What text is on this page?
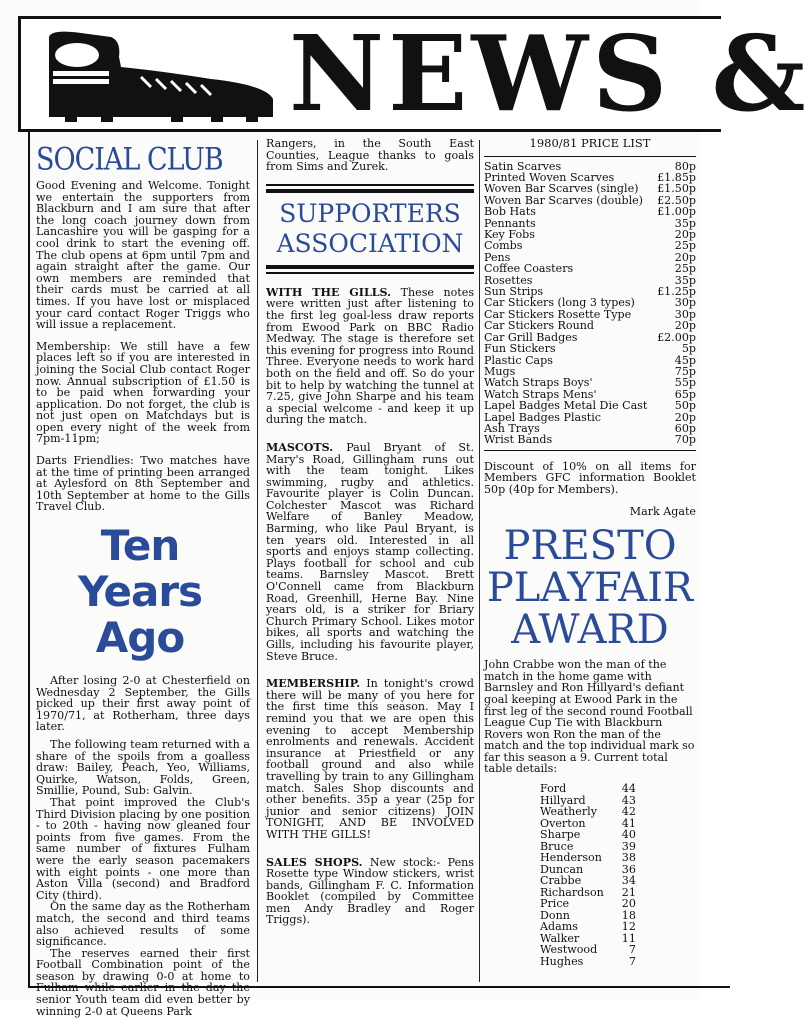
NEWS &
SOCIAL CLUB

Good Evening and Welcome. Tonight we entertain the supporters from Blackburn and I am sure that after the long coach journey down from Lancashire you will be gasping for a cool drink to start the evening off. The club opens at 6pm until 7pm and again straight after the game. Our own members are reminded that their cards must be carried at all times. If you have lost or misplaced your card contact Roger Triggs who will issue a replacement.

Membership: We still have a few places left so if you are interested in joining the Social Club contact Roger now. Annual subscription of £1.50 is to be paid when forwarding your application. Do not forget, the club is not just open on Matchdays but is open every night of the week from 7pm-11pm;

Darts Friendlies: Two matches have at the time of printing been arranged at Aylesford on 8th September and 10th September at home to the Gills Travel Club.

Ten Years Ago

After losing 2-0 at Chesterfield on Wednesday 2 September, the Gills picked up their first away point of 1970/71, at Rotherham, three days later.

The following team returned with a share of the spoils from a goalless draw: Bailey, Peach, Yeo, Williams, Quirke, Watson, Folds, Green, Smillie, Pound, Sub: Galvin.

That point improved the Club's Third Division placing by one position - to 20th - having now gleaned four points from five games. From the same number of fixtures Fulham were the early season pacemakers with eight points - one more than Aston Villa (second) and Bradford City (third).

On the same day as the Rotherham match, the second and third teams also achieved results of some significance.

The reserves earned their first Football Combination point of the season by drawing 0-0 at home to Fulham while earlier in the day the senior Youth team did even better by winning 2-0 at Queens Park

Rangers, in the South East Counties, League thanks to goals from Sims and Zurek.

SUPPORTERS ASSOCIATION

WITH THE GILLS. These notes were written just after listening to the first leg goal-less draw reports from Ewood Park on BBC Radio Medway. The stage is therefore set this evening for progress into Round Three. Everyone needs to work hard both on the field and off. So do your bit to help by watching the tunnel at 7.25, give John Sharpe and his team a special welcome - and keep it up during the match.

MASCOTS. Paul Bryant of St. Mary's Road, Gillingham runs out with the team tonight. Likes swimming, rugby and athletics. Favourite player is Colin Duncan. Colchester Mascot was Richard Welfare of Banley Meadow, Barming, who like Paul Bryant, is ten years old. Interested in all sports and enjoys stamp collecting. Plays football for school and cub teams. Barnsley Mascot. Brett O'Connell came from Blackburn Road, Greenhill, Herne Bay. Nine years old, is a striker for Briary Church Primary School. Likes motor bikes, all sports and watching the Gills, including his favourite player, Steve Bruce.

MEMBERSHIP. In tonight's crowd there will be many of you here for the first time this season. May I remind you that we are open this evening to accept Membership enrolments and renewals. Accident insurance at Priestfield or any football ground and also while travelling by train to any Gillingham match. Sales Shop discounts and other benefits. 35p a year (25p for junior and senior citizens) JOIN TONIGHT, AND BE INVOLVED WITH THE GILLS!

SALES SHOPS. New stock:- Pens Rosette type Window stickers, wrist bands, Gillingham F. C. Information Booklet (compiled by Committee men Andy Bradley and Roger Triggs).

1980/81 PRICE LIST
Satin Scarves	80p
Printed Woven Scarves	£1.85p
Woven Bar Scarves (single)	£1.50p
Woven Bar Scarves (double)	£2.50p
Bob Hats	£1.00p
Pennants	35p
Key Fobs	20p
Combs	25p
Pens	20p
Coffee Coasters	25p
Rosettes	35p
Sun Strips	£1.25p
Car Stickers (long 3 types)	30p
Car Stickers Rosette Type	30p
Car Stickers Round	20p
Car Grill Badges	£2.00p
Fun Stickers	5p
Plastic Caps	45p
Mugs	75p
Watch Straps Boys'	55p
Watch Straps Mens'	65p
Lapel Badges Metal Die Cast	50p
Lapel Badges Plastic	20p
Ash Trays	60p
Wrist Bands	70p

Discount of 10% on all items for Members GFC information Booklet 50p (40p for Members).

Mark Agate
PRESTO
PLAYFAIR
AWARD

John Crabbe won the man of the match in the home game with Barnsley and Ron Hillyard's defiant goal keeping at Ewood Park in the first leg of the second round Football League Cup Tie with Blackburn Rovers won Ron the man of the match and the top individual mark so far this season a 9. Current total table details:

Ford	44
Hillyard	43
Weatherly	42
Overton	41
Sharpe	40
Bruce	39
Henderson	38
Duncan	36
Crabbe	34
Richardson	21
Price	20
Donn	18
Adams	12
Walker	11
Westwood	7
Hughes	7
